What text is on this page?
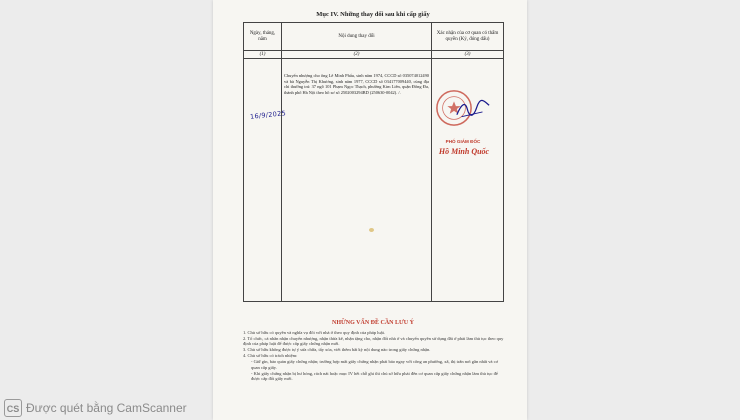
Mục IV. Những thay đổi sau khi cấp giấy
Ngày, tháng, năm	Nội dung thay đổi	Xác nhận của cơ quan có thẩm quyền (Ký, đóng dấu)
(1)	(2)	(3)

16/9/2025	Chuyển nhượng cho ông Lê Minh Phẩu, sinh năm 1974, CCCD số 035074012490 và bà Nguyễn Thị Khương, sinh năm 1977, CCCD số 034177009440, cùng địa chỉ thường trú: 37 ngõ 101 Phạm Ngọc Thạch, phường Kim Liên, quận Đống Đa, thành phố Hà Nội theo hồ sơ số 2502003294BD (250630-0042). /.	PHÓ GIÁM ĐỐC
Hồ Minh Quốc
NHỮNG VẤN ĐỀ CẦN LƯU Ý

1. Chủ sở hữu có quyền và nghĩa vụ đối với nhà ở theo quy định của pháp luật.

2. Tổ chức, cá nhân nhận chuyển nhượng, nhận thừa kế, nhận tặng cho, nhận đổi nhà ở và chuyển quyền sử dụng đất ở phải làm thủ tục theo quy định của pháp luật để được cấp giấy chứng nhận mới.

3. Chủ sở hữu không được tự ý sửa chữa, tẩy xóa, viết thêm bất kỳ nội dung nào trong giấy chứng nhận.

4. Chủ sở hữu có trách nhiệm:

- Giữ gìn, bảo quản giấy chứng nhận; trường hợp mất giấy chứng nhận phải báo ngay với công an phường, xã, thị trấn nơi gần nhất và cơ quan cấp giấy.

- Khi giấy chứng nhận bị hư hỏng, rách nát hoặc mục IV hết chỗ ghi thì chủ sở hữu phải đến cơ quan cấp giấy chứng nhận làm thủ tục để được cấp đổi giấy mới.

CS Được quét bằng CamScanner
